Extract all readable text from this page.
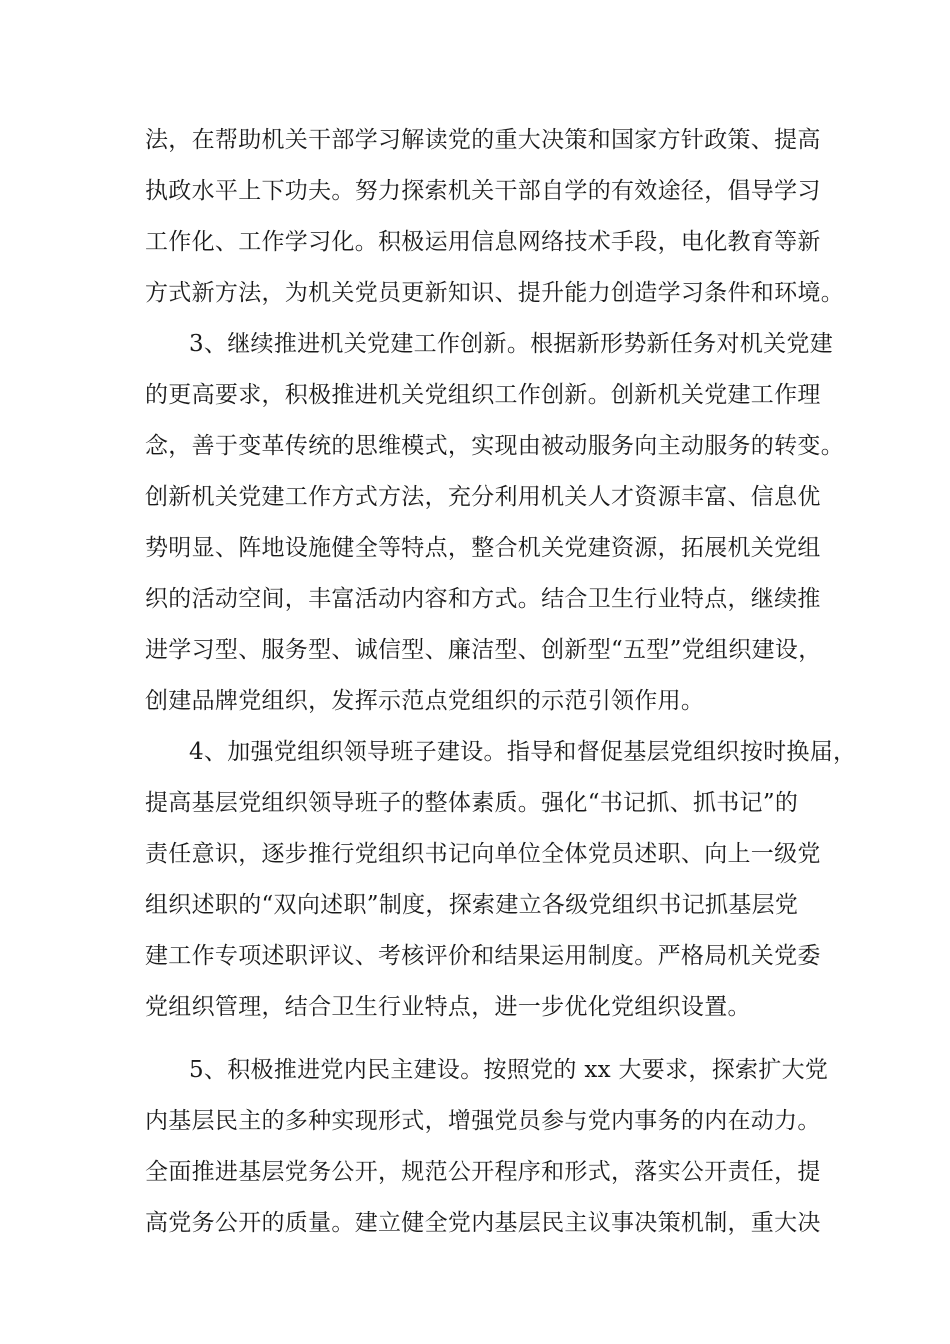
法，在帮助机关干部学习解读党的重大决策和国家方针政策、提高
执政水平上下功夫。努力探索机关干部自学的有效途径，倡导学习
工作化、工作学习化。积极运用信息网络技术手段，电化教育等新
方式新方法，为机关党员更新知识、提升能力创造学习条件和环境。
3、继续推进机关党建工作创新。根据新形势新任务对机关党建
的更高要求，积极推进机关党组织工作创新。创新机关党建工作理
念，善于变革传统的思维模式，实现由被动服务向主动服务的转变。
创新机关党建工作方式方法，充分利用机关人才资源丰富、信息优
势明显、阵地设施健全等特点，整合机关党建资源，拓展机关党组
织的活动空间，丰富活动内容和方式。结合卫生行业特点，继续推
进学习型、服务型、诚信型、廉洁型、创新型“五型”党组织建设，
创建品牌党组织，发挥示范点党组织的示范引领作用。
4、加强党组织领导班子建设。指导和督促基层党组织按时换届，
提高基层党组织领导班子的整体素质。强化“书记抓、抓书记”的
责任意识，逐步推行党组织书记向单位全体党员述职、向上一级党
组织述职的“双向述职”制度，探索建立各级党组织书记抓基层党
建工作专项述职评议、考核评价和结果运用制度。严格局机关党委
党组织管理，结合卫生行业特点，进一步优化党组织设置。
5、积极推进党内民主建设。按照党的 xx 大要求，探索扩大党
内基层民主的多种实现形式，增强党员参与党内事务的内在动力。
全面推进基层党务公开，规范公开程序和形式，落实公开责任，提
高党务公开的质量。建立健全党内基层民主议事决策机制，重大决
